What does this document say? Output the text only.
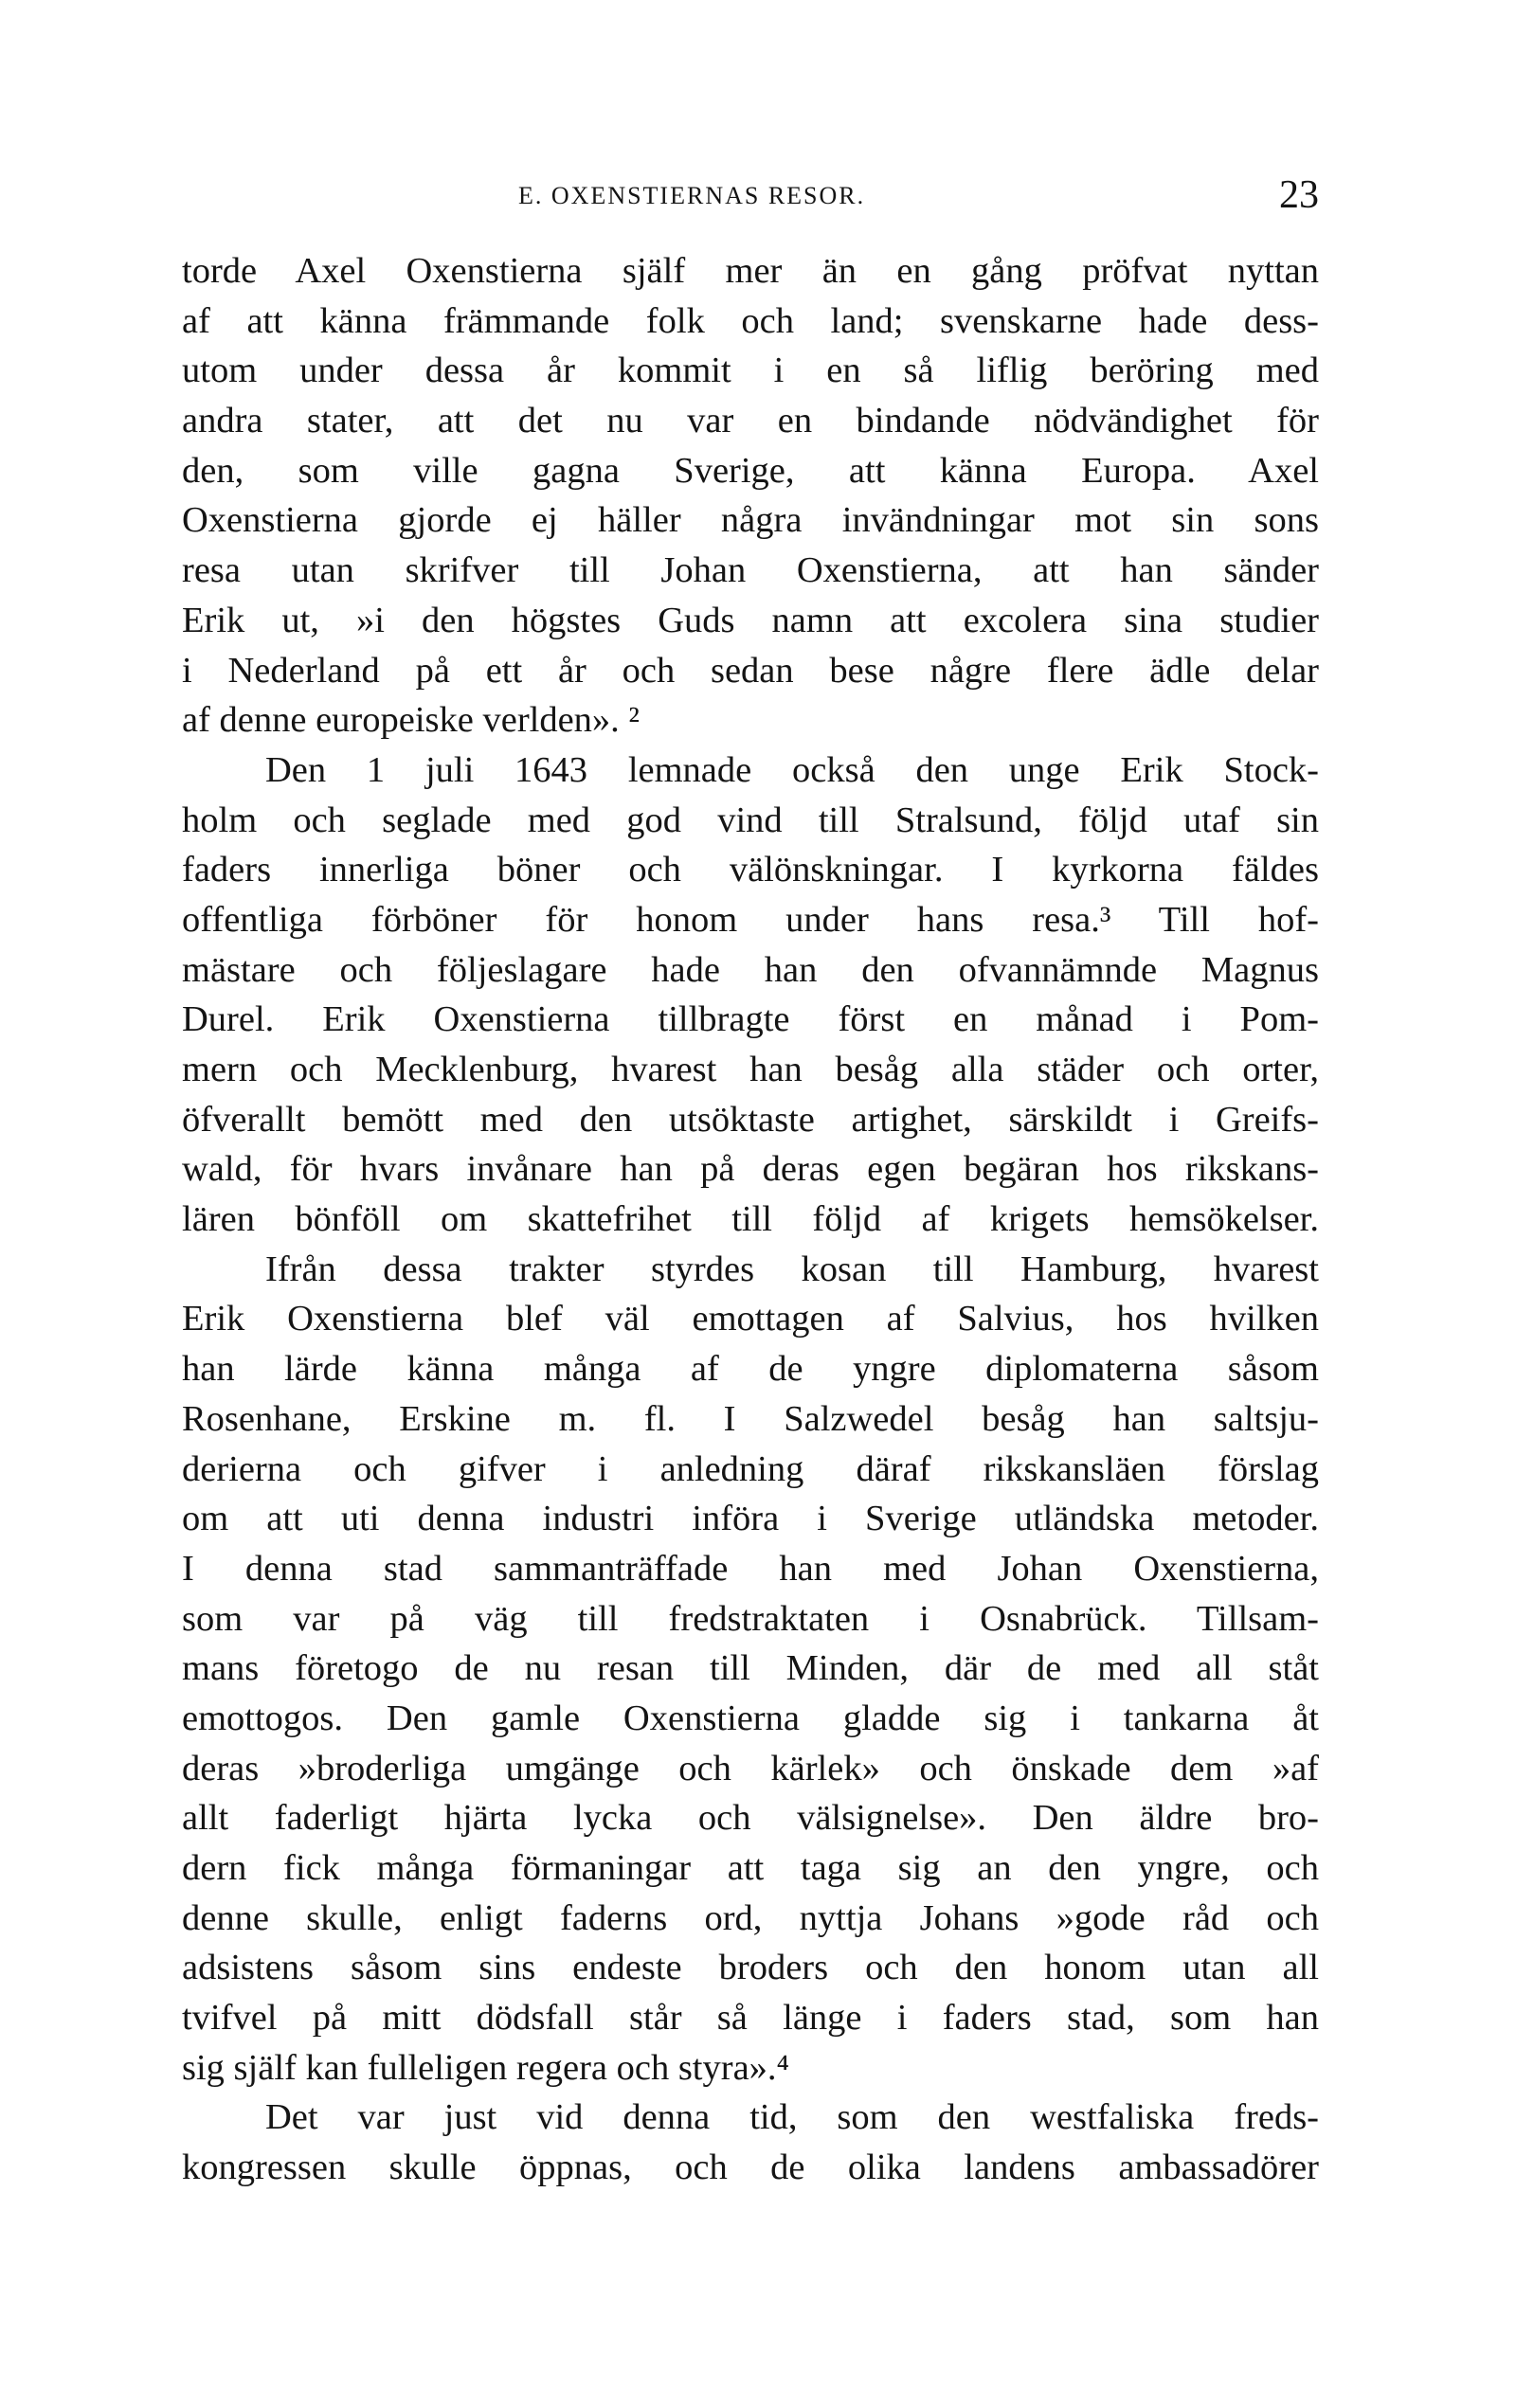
E. OXENSTIERNAS RESOR.	23
torde Axel Oxenstierna själf mer än en gång pröfvat nyttan
af att känna främmande folk och land; svenskarne hade dess-
utom under dessa år kommit i en så liflig beröring med
andra stater, att det nu var en bindande nödvändighet för
den, som ville gagna Sverige, att känna Europa. Axel
Oxenstierna gjorde ej häller några invändningar mot sin sons
resa utan skrifver till Johan Oxenstierna, att han sänder
Erik ut, »i den högstes Guds namn att excolera sina studier
i Nederland på ett år och sedan bese någre flere ädle delar
af denne europeiske verlden». ²
Den 1 juli 1643 lemnade också den unge Erik Stock-
holm och seglade med god vind till Stralsund, följd utaf sin
faders innerliga böner och välönskningar. I kyrkorna fäldes
offentliga förböner för honom under hans resa.³ Till hof-
mästare och följeslagare hade han den ofvannämnde Magnus
Durel. Erik Oxenstierna tillbragte först en månad i Pom-
mern och Mecklenburg, hvarest han besåg alla städer och orter,
öfverallt bemött med den utsöktaste artighet, särskildt i Greifs-
wald, för hvars invånare han på deras egen begäran hos rikskans-
lären bönföll om skattefrihet till följd af krigets hemsökelser.
Ifrån dessa trakter styrdes kosan till Hamburg, hvarest
Erik Oxenstierna blef väl emottagen af Salvius, hos hvilken
han lärde känna många af de yngre diplomaterna såsom
Rosenhane, Erskine m. fl. I Salzwedel besåg han saltsju-
derierna och gifver i anledning däraf rikskansläen förslag
om att uti denna industri införa i Sverige utländska metoder.
I denna stad sammanträffade han med Johan Oxenstierna,
som var på väg till fredstraktaten i Osnabrück. Tillsam-
mans företogo de nu resan till Minden, där de med all ståt
emottogos. Den gamle Oxenstierna gladde sig i tankarna åt
deras »broderliga umgänge och kärlek» och önskade dem »af
allt faderligt hjärta lycka och välsignelse». Den äldre bro-
dern fick många förmaningar att taga sig an den yngre, och
denne skulle, enligt faderns ord, nyttja Johans »gode råd och
adsistens såsom sins endeste broders och den honom utan all
tvifvel på mitt dödsfall står så länge i faders stad, som han
sig själf kan fulleligen regera och styra».⁴
Det var just vid denna tid, som den westfaliska freds-
kongressen skulle öppnas, och de olika landens ambassadörer
